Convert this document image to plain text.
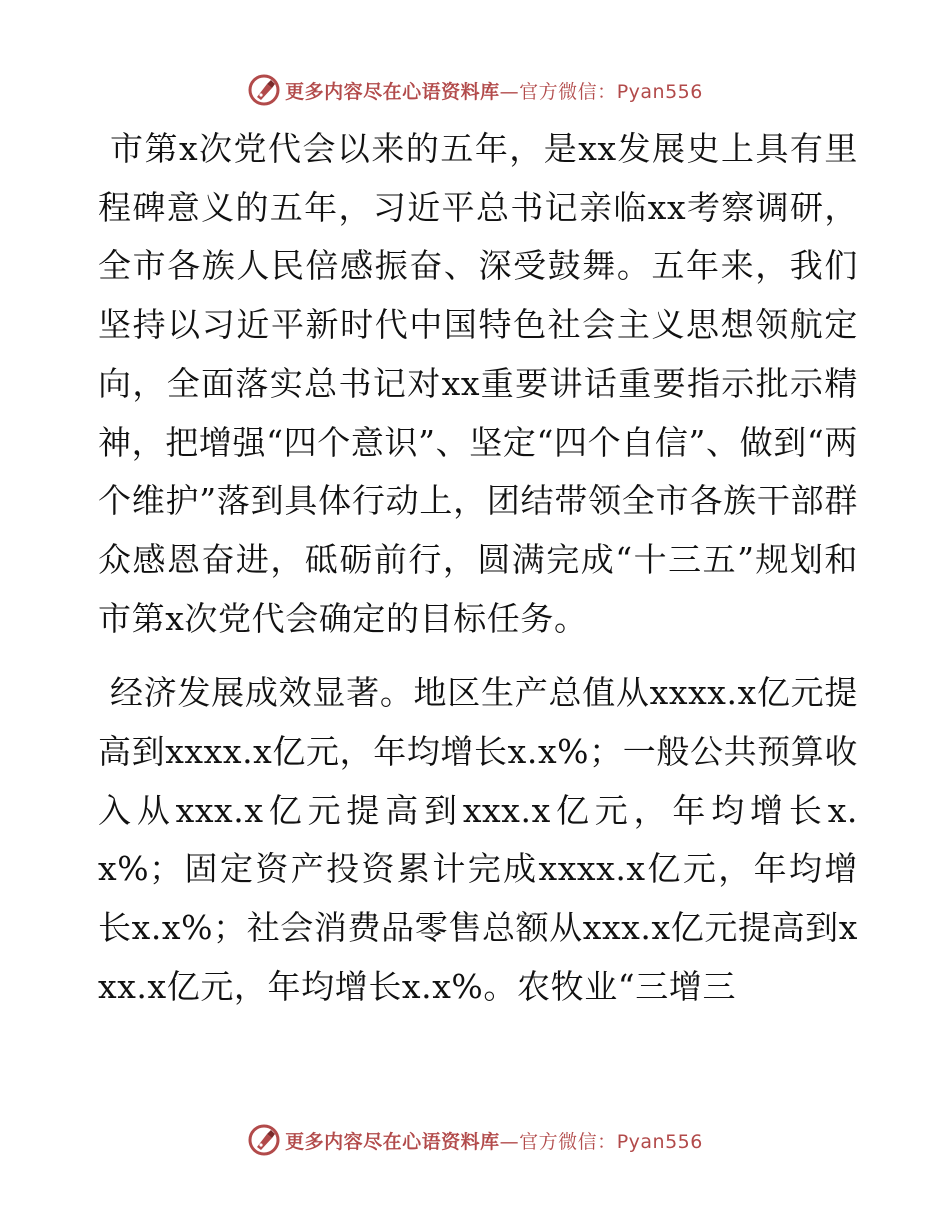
更多内容尽在心语资料库—官方微信：Pyan556

市第x次党代会以来的五年，是xx发展史上具有里程碑意义的五年，习近平总书记亲临xx考察调研，全市各族人民倍感振奋、深受鼓舞。五年来，我们坚持以习近平新时代中国特色社会主义思想领航定向，全面落实总书记对xx重要讲话重要指示批示精神，把增强“四个意识”、坚定“四个自信”、做到“两个维护”落到具体行动上，团结带领全市各族干部群众感恩奋进，砥砺前行，圆满完成“十三五”规划和市第x次党代会确定的目标任务。

经济发展成效显著。地区生产总值从xxxx.x亿元提高到xxxx.x亿元，年均增长x.x%；一般公共预算收入从xxx.x亿元提高到xxx.x亿元，年均增长x.x%；固定资产投资累计完成xxxx.x亿元，年均增长x.x%；社会消费品零售总额从xxx.x亿元提高到xxx.x亿元，年均增长x.x%。农牧业“三增三

更多内容尽在心语资料库—官方微信：Pyan556
